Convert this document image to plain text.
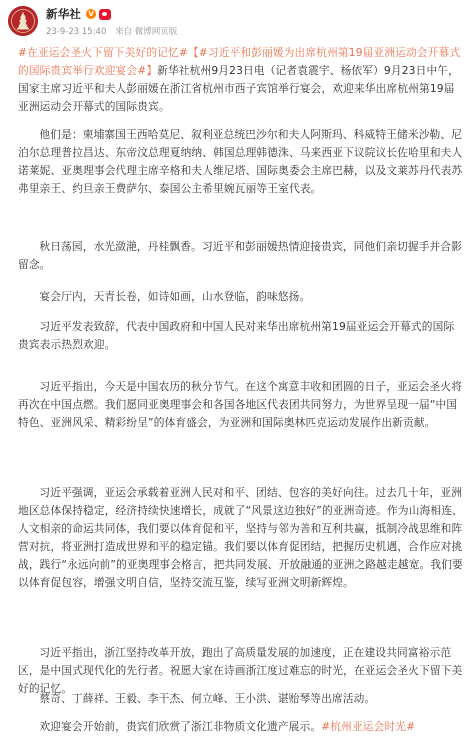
新华社	V
23-9-23 15:40 来自 微博网页版

#在亚运会圣火下留下美好的记忆#【#习近平和彭丽媛为出席杭州第19届亚洲运动会开幕式的国际贵宾举行欢迎宴会#】新华社杭州9月23日电（记者袁震宇、杨依军）9月23日中午，国家主席习近平和夫人彭丽媛在浙江省杭州市西子宾馆举行宴会，欢迎来华出席杭州第19届亚洲运动会开幕式的国际贵宾。

他们是：柬埔寨国王西哈莫尼、叙利亚总统巴沙尔和夫人阿斯玛、科威特王储米沙勒、尼泊尔总理普拉昌达、东帝汶总理夏纳纳、韩国总理韩德洙、马来西亚下议院议长佐哈里和夫人诺莱妮、亚奥理事会代理主席辛格和夫人维尼塔、国际奥委会主席巴赫，以及文莱苏丹代表苏弗里亲王、约旦亲王费萨尔、泰国公主希里婉瓦丽等王室代表。

秋日荡园，水光潋滟，丹桂飘香。习近平和彭丽媛热情迎接贵宾，同他们亲切握手并合影留念。

宴会厅内，天青长卷，如诗如画，山水登临，韵味悠扬。

习近平发表致辞，代表中国政府和中国人民对来华出席杭州第19届亚运会开幕式的国际贵宾表示热烈欢迎。

习近平指出，今天是中国农历的秋分节气。在这个寓意丰收和团圆的日子，亚运会圣火将再次在中国点燃。我们愿同亚奥理事会和各国各地区代表团共同努力，为世界呈现一届“中国特色、亚洲风采、精彩纷呈”的体育盛会，为亚洲和国际奥林匹克运动发展作出新贡献。

习近平强调，亚运会承载着亚洲人民对和平、团结、包容的美好向往。过去几十年，亚洲地区总体保持稳定，经济持续快速增长，成就了“风景这边独好”的亚洲奇迹。作为山海相连、人文相亲的命运共同体，我们要以体育促和平，坚持与邻为善和互利共赢，抵制冷战思维和阵营对抗，将亚洲打造成世界和平的稳定锚。我们要以体育促团结，把握历史机遇，合作应对挑战，践行“永远向前”的亚奥理事会格言，把共同发展、开放融通的亚洲之路越走越宽。我们要以体育促包容，增强文明自信，坚持交流互鉴，续写亚洲文明新辉煌。

习近平指出，浙江坚持改革开放，跑出了高质量发展的加速度，正在建设共同富裕示范区，是中国式现代化的先行者。祝愿大家在诗画浙江度过难忘的时光，在亚运会圣火下留下美好的记忆。

蔡奇、丁薛祥、王毅、李干杰、何立峰、王小洪、谌贻琴等出席活动。

欢迎宴会开始前，贵宾们欣赏了浙江非物质文化遗产展示。#杭州亚运会时光#
